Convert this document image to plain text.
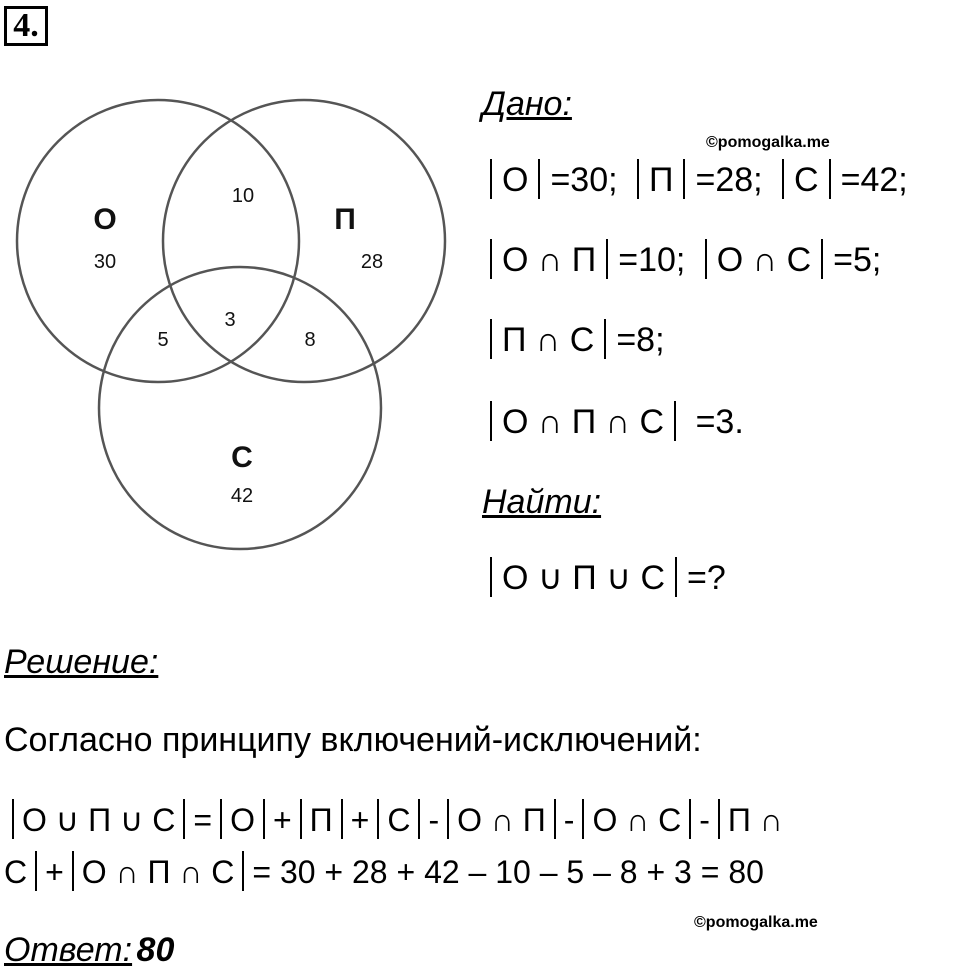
4.
О
30
П
28
С
42
10
5	8
3
Дано:
©pomogalka.me
О =30; П =28; С =42;
О ∩ П =10; О ∩ С =5;
П ∩ С =8;
О ∩ П ∩ С =3.
Найти:
О ∪ П ∪ С =?
Решение:
Согласно принципу включений-исключений:
О ∪ П ∪ С = О + П + С - О ∩ П - О ∩ С - П ∩
С + О ∩ П ∩ С = 30 + 28 + 42 – 10 – 5 – 8 + 3 = 80
©pomogalka.me
Ответ: 80
